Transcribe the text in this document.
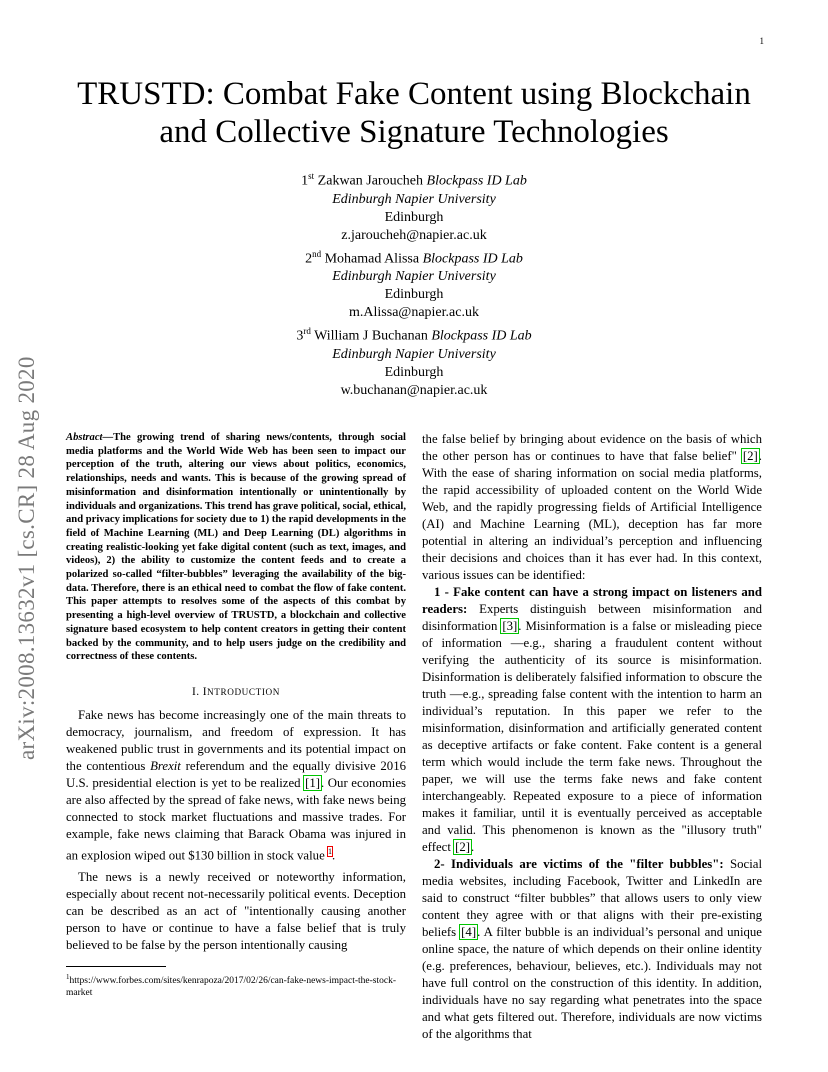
1
arXiv:2008.13632v1 [cs.CR] 28 Aug 2020
TRUSTD: Combat Fake Content using Blockchain and Collective Signature Technologies
1st Zakwan Jaroucheh Blockpass ID Lab
Edinburgh Napier University
Edinburgh
z.jaroucheh@napier.ac.uk
2nd Mohamad Alissa Blockpass ID Lab
Edinburgh Napier University
Edinburgh
m.Alissa@napier.ac.uk
3rd William J Buchanan Blockpass ID Lab
Edinburgh Napier University
Edinburgh
w.buchanan@napier.ac.uk

Abstract—The growing trend of sharing news/contents, through social media platforms and the World Wide Web has been seen to impact our perception of the truth, altering our views about politics, economics, relationships, needs and wants. This is because of the growing spread of misinformation and disinformation intentionally or unintentionally by individuals and organizations. This trend has grave political, social, ethical, and privacy implications for society due to 1) the rapid developments in the field of Machine Learning (ML) and Deep Learning (DL) algorithms in creating realistic-looking yet fake digital content (such as text, images, and videos), 2) the ability to customize the content feeds and to create a polarized so-called “filter-bubbles” leveraging the availability of the big-data. Therefore, there is an ethical need to combat the flow of fake content. This paper attempts to resolves some of the aspects of this combat by presenting a high-level overview of TRUSTD, a blockchain and collective signature based ecosystem to help content creators in getting their content backed by the community, and to help users judge on the credibility and correctness of these contents.

I. INTRODUCTION

Fake news has become increasingly one of the main threats to democracy, journalism, and freedom of expression. It has weakened public trust in governments and its potential impact on the contentious Brexit referendum and the equally divisive 2016 U.S. presidential election is yet to be realized [1]. Our economies are also affected by the spread of fake news, with fake news being connected to stock market fluctuations and massive trades. For example, fake news claiming that Barack Obama was injured in an explosion wiped out $130 billion in stock value $^1$.

The news is a newly received or noteworthy information, especially about recent not-necessarily political events. Deception can be described as an act of "intentionally causing another person to have or continue to have a false belief that is truly believed to be false by the person intentionally causing

$^1$https://www.forbes.com/sites/kenrapoza/2017/02/26/can-fake-news-impact-the-stock-market

the false belief by bringing about evidence on the basis of which the other person has or continues to have that false belief" [2]. With the ease of sharing information on social media platforms, the rapid accessibility of uploaded content on the World Wide Web, and the rapidly progressing fields of Artificial Intelligence (AI) and Machine Learning (ML), deception has far more potential in altering an individual’s perception and influencing their decisions and choices than it has ever had. In this context, various issues can be identified:

1 - Fake content can have a strong impact on listeners and readers: Experts distinguish between misinformation and disinformation [3]. Misinformation is a false or misleading piece of information —e.g., sharing a fraudulent content without verifying the authenticity of its source is misinformation. Disinformation is deliberately falsified information to obscure the truth —e.g., spreading false content with the intention to harm an individual’s reputation. In this paper we refer to the misinformation, disinformation and artificially generated content as deceptive artifacts or fake content. Fake content is a general term which would include the term fake news. Throughout the paper, we will use the terms fake news and fake content interchangeably. Repeated exposure to a piece of information makes it familiar, until it is eventually perceived as acceptable and valid. This phenomenon is known as the "illusory truth" effect [2].

2- Individuals are victims of the "filter bubbles": Social media websites, including Facebook, Twitter and LinkedIn are said to construct “filter bubbles” that allows users to only view content they agree with or that aligns with their pre-existing beliefs [4]. A filter bubble is an individual’s personal and unique online space, the nature of which depends on their online identity (e.g. preferences, behaviour, believes, etc.). Individuals may not have full control on the construction of this identity. In addition, individuals have no say regarding what penetrates into the space and what gets filtered out. Therefore, individuals are now victims of the algorithms that
